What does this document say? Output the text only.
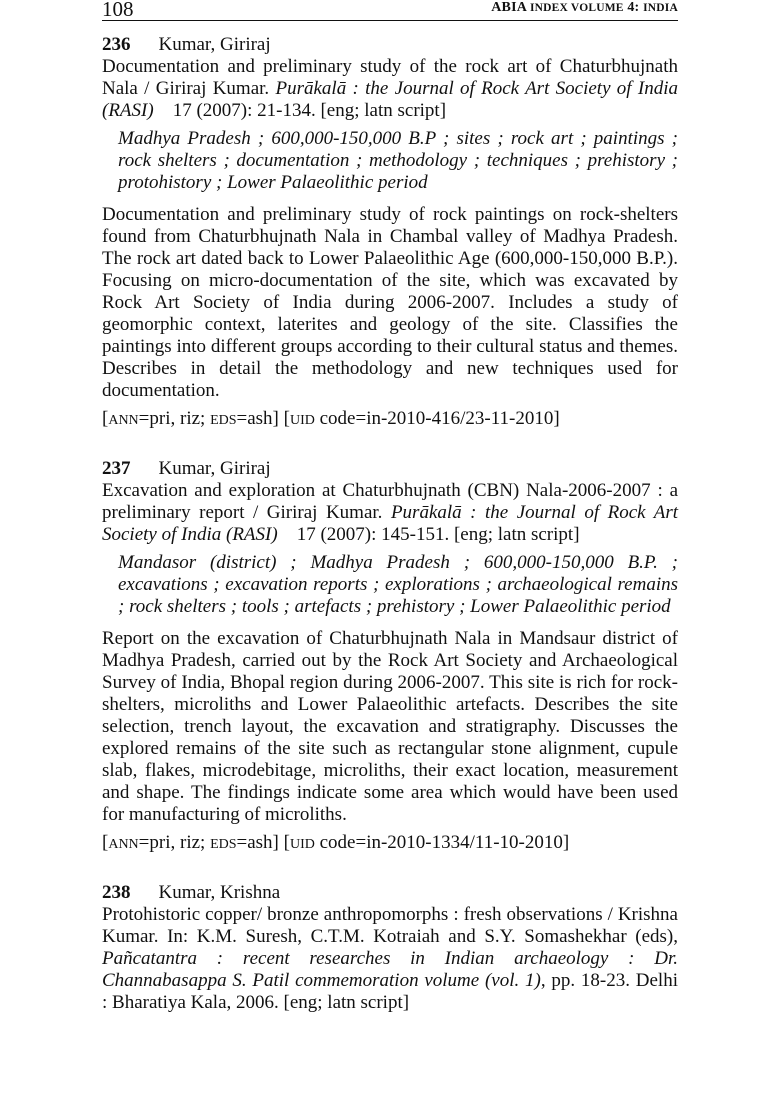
108	ABIA INDEX VOLUME 4: INDIA
236 Kumar, Giriraj
Documentation and preliminary study of the rock art of Chaturbhujnath Nala / Giriraj Kumar. Purākalā : the Journal of Rock Art Society of India (RASI) 17 (2007): 21-134. [eng; latn script]
Madhya Pradesh ; 600,000-150,000 B.P ; sites ; rock art ; paintings ; rock shelters ; documentation ; methodology ; techniques ; prehistory ; protohistory ; Lower Palaeolithic period
Documentation and preliminary study of rock paintings on rock-shelters found from Chaturbhujnath Nala in Chambal valley of Madhya Pradesh. The rock art dated back to Lower Palaeolithic Age (600,000-150,000 B.P.). Focusing on micro-documentation of the site, which was excavated by Rock Art Society of India during 2006-2007. Includes a study of geomorphic context, laterites and geology of the site. Classifies the paintings into different groups according to their cultural status and themes. Describes in detail the methodology and new techniques used for documentation.
[ANN=pri, riz; EDS=ash] [UID code=in-2010-416/23-11-2010]
237 Kumar, Giriraj
Excavation and exploration at Chaturbhujnath (CBN) Nala-2006-2007 : a preliminary report / Giriraj Kumar. Purākalā : the Journal of Rock Art Society of India (RASI) 17 (2007): 145-151. [eng; latn script]
Mandasor (district) ; Madhya Pradesh ; 600,000-150,000 B.P. ; excavations ; excavation reports ; explorations ; archaeological remains ; rock shelters ; tools ; artefacts ; prehistory ; Lower Palaeolithic period
Report on the excavation of Chaturbhujnath Nala in Mandsaur district of Madhya Pradesh, carried out by the Rock Art Society and Archaeological Survey of India, Bhopal region during 2006-2007. This site is rich for rock-shelters, microliths and Lower Palaeolithic artefacts. Describes the site selection, trench layout, the excavation and stratigraphy. Discusses the explored remains of the site such as rectangular stone alignment, cupule slab, flakes, microdebitage, microliths, their exact location, measurement and shape. The findings indicate some area which would have been used for manufacturing of microliths.
[ANN=pri, riz; EDS=ash] [UID code=in-2010-1334/11-10-2010]
238 Kumar, Krishna
Protohistoric copper/ bronze anthropomorphs : fresh observations / Krishna Kumar. In: K.M. Suresh, C.T.M. Kotraiah and S.Y. Somashekhar (eds), Pañcatantra : recent researches in Indian archaeology : Dr. Channabasappa S. Patil commemoration volume (vol. 1), pp. 18-23. Delhi : Bharatiya Kala, 2006. [eng; latn script]
